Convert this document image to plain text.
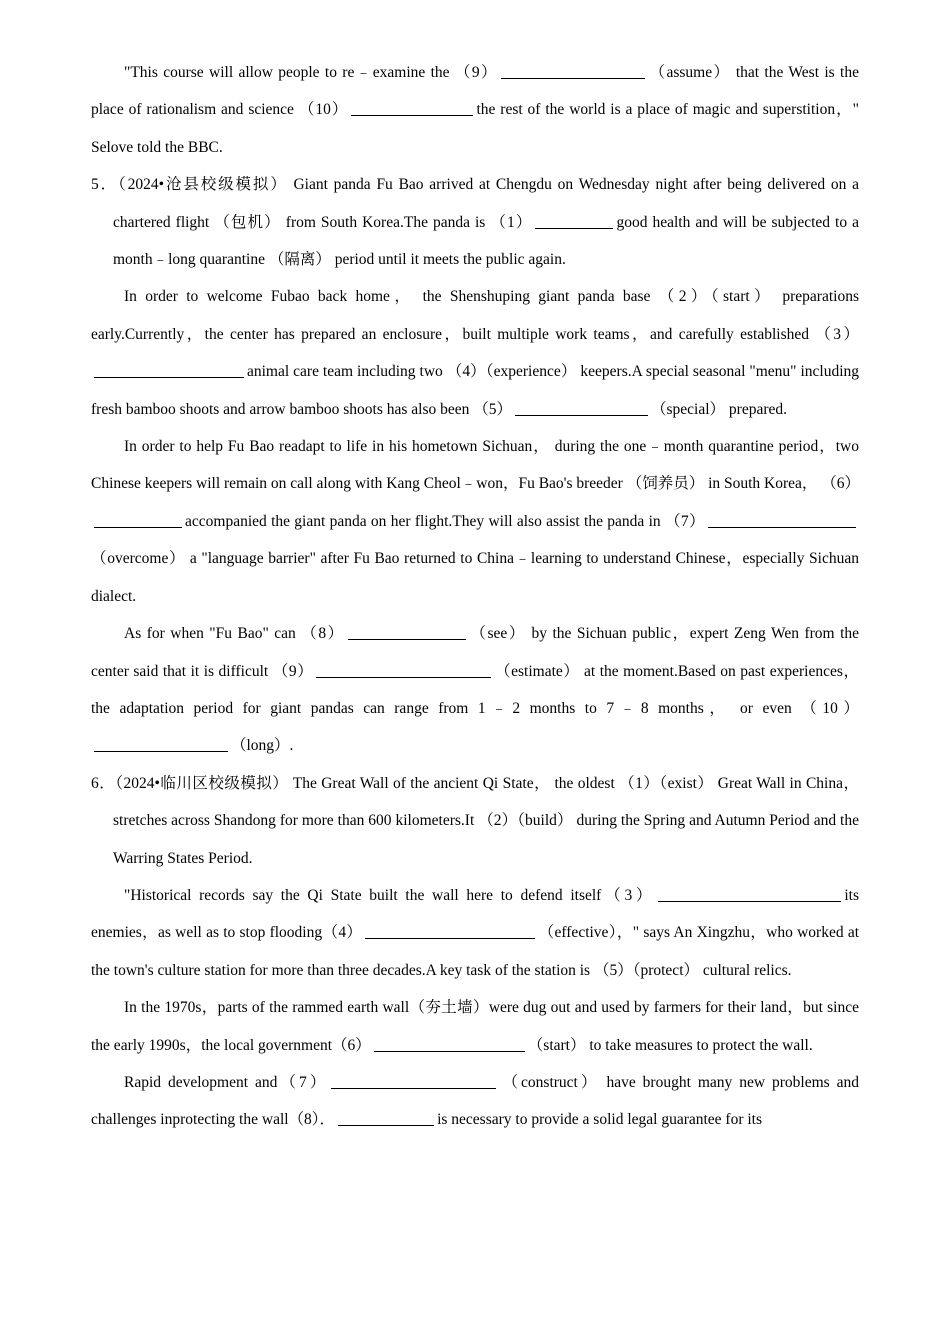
"This course will allow people to re﹣examine the （9）	（assume） that the West is the place of rationalism and science （10）	the rest of the world is a place of magic and superstition，" Selove told the BBC.

5．（2024•沧县校级模拟） Giant panda Fu Bao arrived at Chengdu on Wednesday night after being delivered on a chartered flight （包机） from South Korea.The panda is （1）	good health and will be subjected to a month﹣long quarantine （隔离） period until it meets the public again.

In order to welcome Fubao back home， the Shenshuping giant panda base （2）（start） preparations early.Currently，the center has prepared an enclosure，built multiple work teams，and carefully established （3）animal care team including two （4）（experience） keepers.A special seasonal "menu" including fresh bamboo shoots and arrow bamboo shoots has also been （5）	（special） prepared.

In order to help Fu Bao readapt to life in his hometown Sichuan， during the one﹣month quarantine period，two Chinese keepers will remain on call along with Kang Cheol﹣won，Fu Bao's breeder （饲养员） in South Korea， （6）accompanied the giant panda on her flight.They will also assist the panda in （7）（overcome） a "language barrier" after Fu Bao returned to China﹣learning to understand Chinese，especially Sichuan dialect.

As for when "Fu Bao" can （8）	（see） by the Sichuan public，expert Zeng Wen from the center said that it is difficult （9）	（estimate） at the moment.Based on past experiences， the adaptation period for giant pandas can range from 1﹣2 months to 7﹣8 months， or even （10）（long）.

6．（2024•临川区校级模拟） The Great Wall of the ancient Qi State， the oldest （1）（exist） Great Wall in China， stretches across Shandong for more than 600 kilometers.It （2）（build） during the Spring and Autumn Period and the Warring States Period.

"Historical records say the Qi State built the wall here to defend itself（3）	its enemies，as well as to stop flooding（4）	（effective），" says An Xingzhu，who worked at the town's culture station for more than three decades.A key task of the station is （5）（protect） cultural relics.

In the 1970s，parts of the rammed earth wall（夯土墙）were dug out and used by farmers for their land，but since the early 1990s，the local government（6）	（start） to take measures to protect the wall.

Rapid development and（7）	（construct） have brought many new problems and challenges inprotecting the wall（8）．	is necessary to provide a solid legal guarantee for its
